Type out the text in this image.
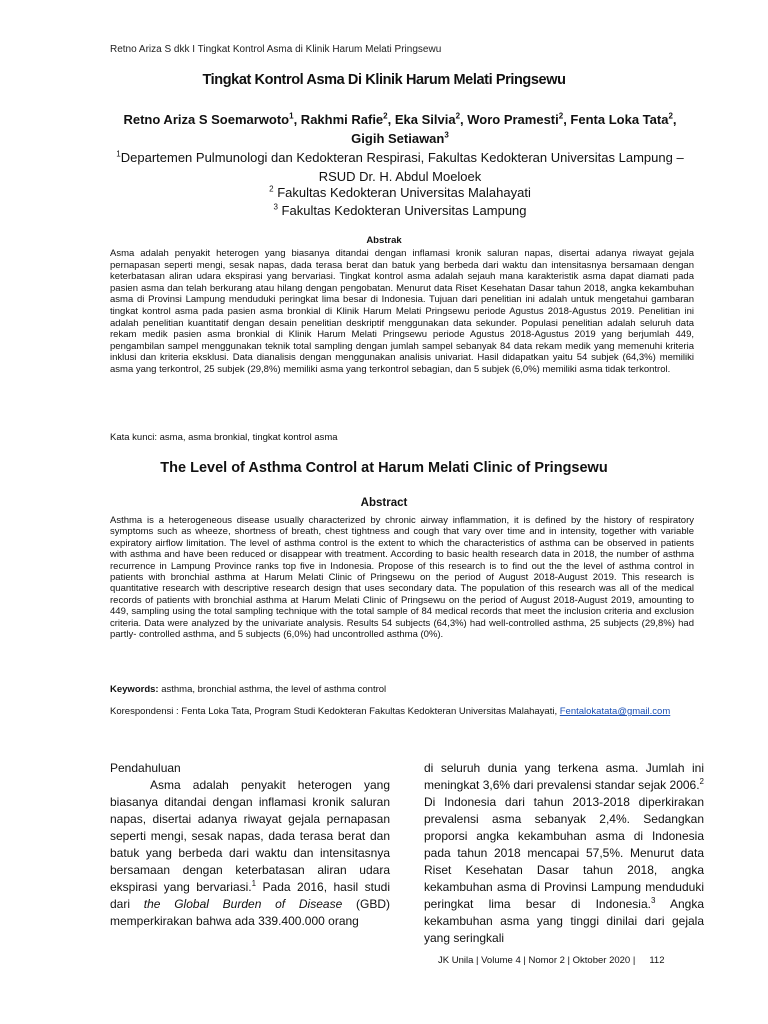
Retno Ariza S dkk I Tingkat Kontrol Asma di Klinik Harum Melati Pringsewu
Tingkat Kontrol Asma Di Klinik Harum Melati Pringsewu
Retno Ariza S Soemarwoto$^1$, Rakhmi Rafie$^2$, Eka Silvia$^2$, Woro Pramesti$^2$, Fenta Loka Tata$^2$, Gigih Setiawan$^3$
$^1$Departemen Pulmunologi dan Kedokteran Respirasi, Fakultas Kedokteran Universitas Lampung – RSUD Dr. H. Abdul Moeloek
$^2$ Fakultas Kedokteran Universitas Malahayati
$^3$ Fakultas Kedokteran Universitas Lampung
Abstrak
Asma adalah penyakit heterogen yang biasanya ditandai dengan inflamasi kronik saluran napas, disertai adanya riwayat gejala pernapasan seperti mengi, sesak napas, dada terasa berat dan batuk yang berbeda dari waktu dan intensitasnya bersamaan dengan keterbatasan aliran udara ekspirasi yang bervariasi. Tingkat kontrol asma adalah sejauh mana karakteristik asma dapat diamati pada pasien asma dan telah berkurang atau hilang dengan pengobatan. Menurut data Riset Kesehatan Dasar tahun 2018, angka kekambuhan asma di Provinsi Lampung menduduki peringkat lima besar di Indonesia. Tujuan dari penelitian ini adalah untuk mengetahui gambaran tingkat kontrol asma pada pasien asma bronkial di Klinik Harum Melati Pringsewu periode Agustus 2018-Agustus 2019. Penelitian ini adalah penelitian kuantitatif dengan desain penelitian deskriptif menggunakan data sekunder. Populasi penelitian adalah seluruh data rekam medik pasien asma bronkial di Klinik Harum Melati Pringsewu periode Agustus 2018-Agustus 2019 yang berjumlah 449, pengambilan sampel menggunakan teknik total sampling dengan jumlah sampel sebanyak 84 data rekam medik yang memenuhi kriteria inklusi dan kriteria eksklusi. Data dianalisis dengan menggunakan analisis univariat. Hasil didapatkan yaitu 54 subjek (64,3%) memiliki asma yang terkontrol, 25 subjek (29,8%) memiliki asma yang terkontrol sebagian, dan 5 subjek (6,0%) memiliki asma tidak terkontrol.
Kata kunci: asma, asma bronkial, tingkat kontrol asma
The Level of Asthma Control at Harum Melati Clinic of Pringsewu
Abstract
Asthma is a heterogeneous disease usually characterized by chronic airway inflammation, it is defined by the history of respiratory symptoms such as wheeze, shortness of breath, chest tightness and cough that vary over time and in intensity, together with variable expiratory airflow limitation. The level of asthma control is the extent to which the characteristics of asthma can be observed in patients with asthma and have been reduced or disappear with treatment. According to basic health research data in 2018, the number of asthma recurrence in Lampung Province ranks top five in Indonesia. Propose of this research is to find out the the level of asthma control in patients with bronchial asthma at Harum Melati Clinic of Pringsewu on the period of August 2018-August 2019. This research is quantitative research with descriptive research design that uses secondary data. The population of this research was all of the medical records of patients with bronchial asthma at Harum Melati Clinic of Pringsewu on the period of August 2018-August 2019, amounting to 449, sampling using the total sampling technique with the total sample of 84 medical records that meet the inclusion criteria and exclusion criteria. Data were analyzed by the univariate analysis. Results 54 subjects (64,3%) had well-controlled asthma, 25 subjects (29,8%) had partly- controlled asthma, and 5 subjects (6,0%) had uncontrolled asthma (0%).
Keywords: asthma, bronchial asthma, the level of asthma control
Korespondensi : Fenta Loka Tata, Program Studi Kedokteran Fakultas Kedokteran Universitas Malahayati, Fentalokatata@gmail.com
Pendahuluan
Asma adalah penyakit heterogen yang biasanya ditandai dengan inflamasi kronik saluran napas, disertai adanya riwayat gejala pernapasan seperti mengi, sesak napas, dada terasa berat dan batuk yang berbeda dari waktu dan intensitasnya bersamaan dengan keterbatasan aliran udara ekspirasi yang bervariasi.$^1$ Pada 2016, hasil studi dari the Global Burden of Disease (GBD) memperkirakan bahwa ada 339.400.000 orang
di seluruh dunia yang terkena asma. Jumlah ini meningkat 3,6% dari prevalensi standar sejak 2006.$^2$ Di Indonesia dari tahun 2013-2018 diperkirakan prevalensi asma sebanyak 2,4%. Sedangkan proporsi angka kekambuhan asma di Indonesia pada tahun 2018 mencapai 57,5%. Menurut data Riset Kesehatan Dasar tahun 2018, angka kekambuhan asma di Provinsi Lampung menduduki peringkat lima besar di Indonesia.$^3$ Angka kekambuhan asma yang tinggi dinilai dari gejala yang seringkali
JK Unila | Volume 4 | Nomor 2 | Oktober 2020 | 112
